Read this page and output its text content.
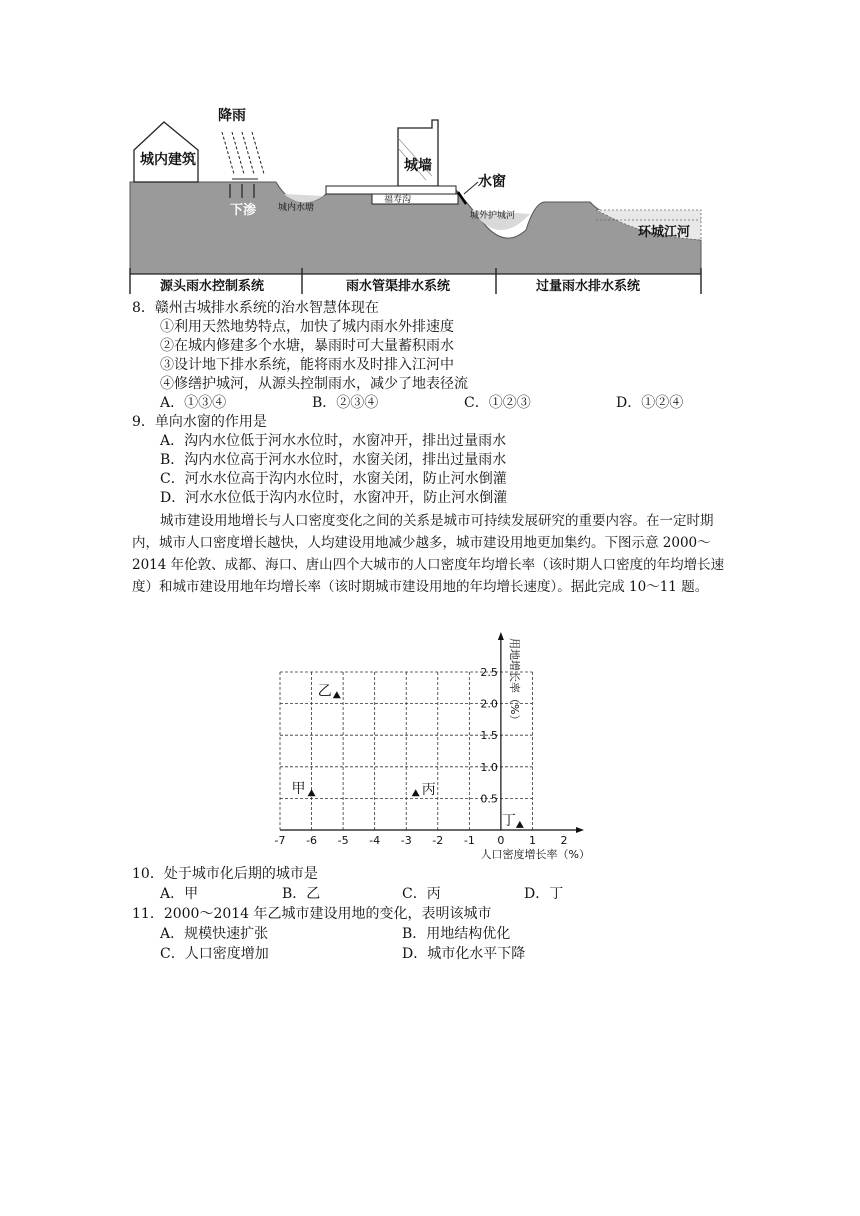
城内建筑
降雨
下渗 城内水塘
福寿沟
城墙
水窗
城外护城河
环城江河
源头雨水控制系统	雨水管渠排水系统	过量雨水排水系统
8．赣州古城排水系统的治水智慧体现在
①利用天然地势特点，加快了城内雨水外排速度
②在城内修建多个水塘，暴雨时可大量蓄积雨水
③设计地下排水系统，能将雨水及时排入江河中
④修缮护城河，从源头控制雨水，减少了地表径流
A．①③④	B．②③④	C．①②③	D．①②④
9．单向水窗的作用是
A．沟内水位低于河水水位时，水窗冲开，排出过量雨水
B．沟内水位高于河水水位时，水窗关闭，排出过量雨水
C．河水水位高于沟内水位时，水窗关闭，防止河水倒灌
D．河水水位低于沟内水位时，水窗冲开，防止河水倒灌
城市建设用地增长与人口密度变化之间的关系是城市可持续发展研究的重要内容。在一定时期内，城市人口密度增长越快，人均建设用地减少越多，城市建设用地更加集约。下图示意 2000～2014 年伦敦、成都、海口、唐山四个大城市的人口密度年均增长率（该时期人口密度的年均增长速度）和城市建设用地年均增长率（该时期城市建设用地的年均增长速度）。据此完成 10～11 题。
-7 -6 -5 -4 -3 -2 -1 0 1 2
0.5
1.0
1.5
2.0
2.5
人口密度增长率（%）
用地增长率（%）
甲
乙
丙
丁
10．处于城市化后期的城市是
A．甲	B．乙	C．丙	D．丁
11．2000～2014 年乙城市建设用地的变化，表明该城市
A．规模快速扩张	B．用地结构优化
C．人口密度增加	D．城市化水平下降
